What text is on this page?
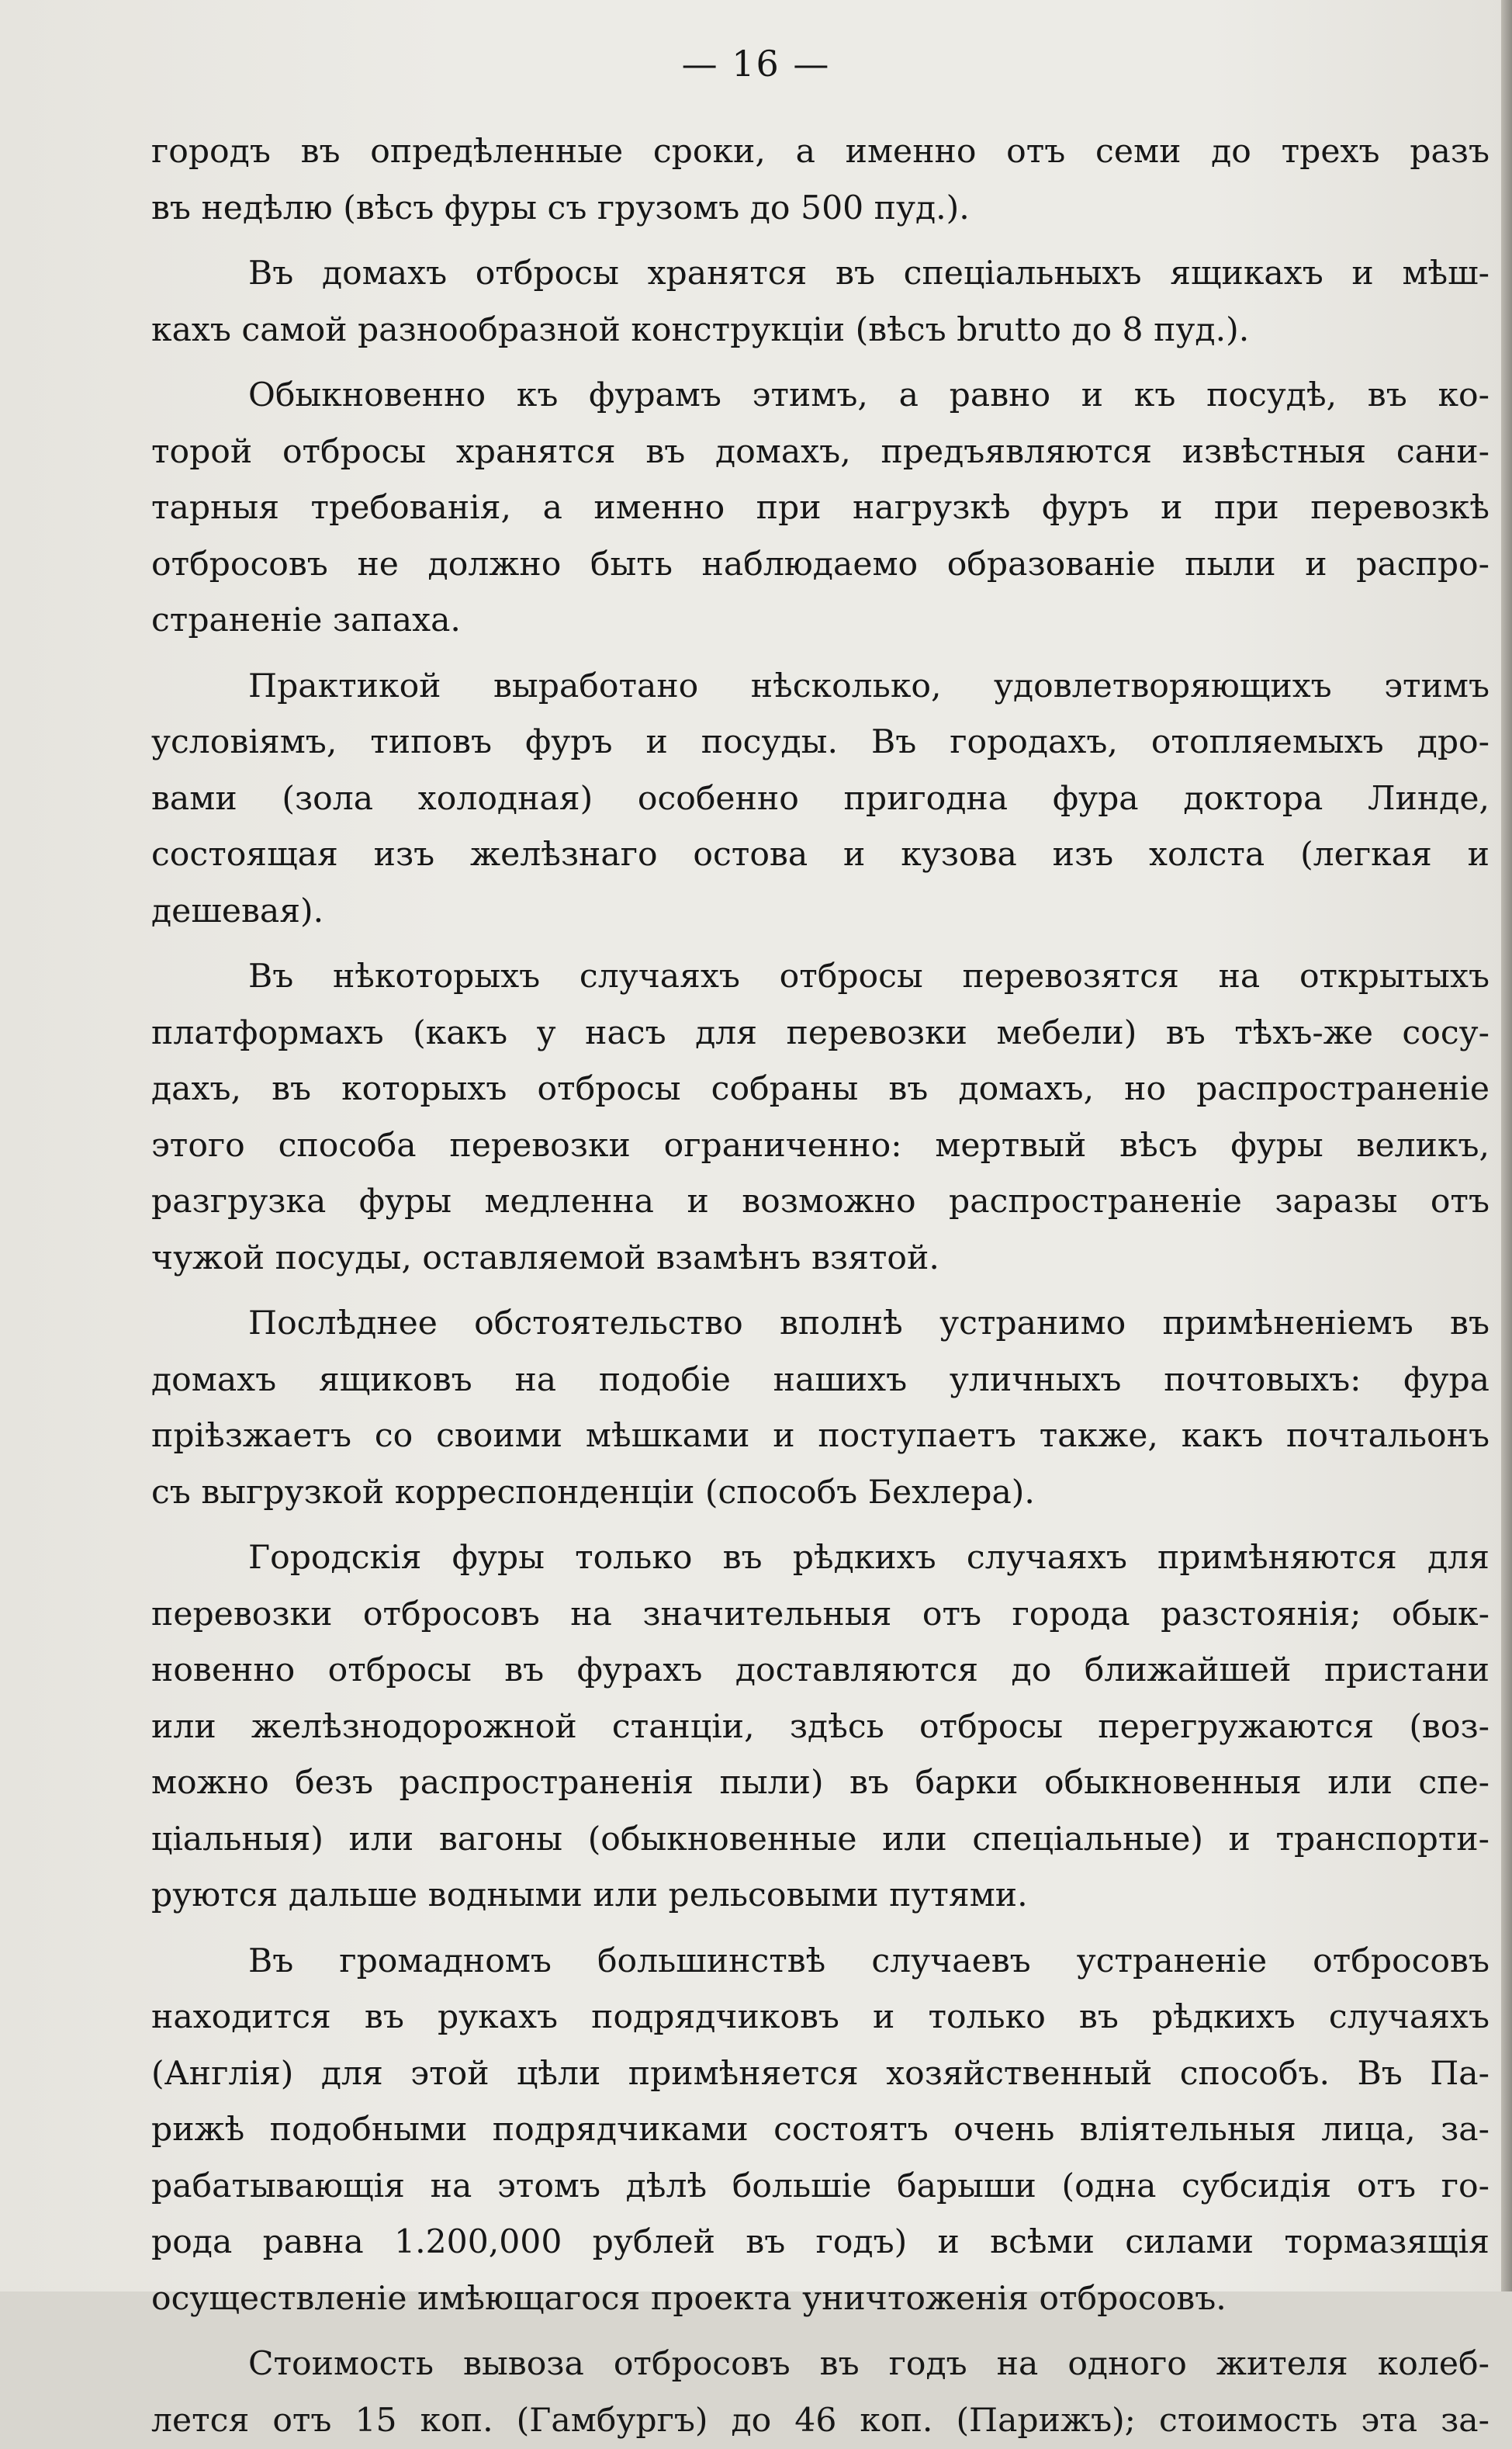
— 16 —
городъ въ опредѣленные сроки, а именно отъ семи до трехъ разъ
въ недѣлю (вѣсъ фуры съ грузомъ до 500 пуд.).
Въ домахъ отбросы хранятся въ спеціальныхъ ящикахъ и мѣш-
кахъ самой разнообразной конструкціи (вѣсъ brutto до 8 пуд.).
Обыкновенно къ фурамъ этимъ, а равно и къ посудѣ, въ ко-
торой отбросы хранятся въ домахъ, предъявляются извѣстныя сани-
тарныя требованія, а именно при нагрузкѣ фуръ и при перевозкѣ
отбросовъ не должно быть наблюдаемо образованіе пыли и распро-
страненіе запаха.
Практикой выработано нѣсколько, удовлетворяющихъ этимъ
условіямъ, типовъ фуръ и посуды. Въ городахъ, отопляемыхъ дро-
вами (зола холодная) особенно пригодна фура доктора Линде,
состоящая изъ желѣзнаго остова и кузова изъ холста (легкая и
дешевая).
Въ нѣкоторыхъ случаяхъ отбросы перевозятся на открытыхъ
платформахъ (какъ у насъ для перевозки мебели) въ тѣхъ-же сосу-
дахъ, въ которыхъ отбросы собраны въ домахъ, но распространеніе
этого способа перевозки ограниченно: мертвый вѣсъ фуры великъ,
разгрузка фуры медленна и возможно распространеніе заразы отъ
чужой посуды, оставляемой взамѣнъ взятой.
Послѣднее обстоятельство вполнѣ устранимо примѣненіемъ въ
домахъ ящиковъ на подобіе нашихъ уличныхъ почтовыхъ: фура
пріѣзжаетъ со своими мѣшками и поступаетъ также, какъ почтальонъ
съ выгрузкой корреспонденціи (способъ Бехлера).
Городскія фуры только въ рѣдкихъ случаяхъ примѣняются для
перевозки отбросовъ на значительныя отъ города разстоянія; обык-
новенно отбросы въ фурахъ доставляются до ближайшей пристани
или желѣзнодорожной станціи, здѣсь отбросы перегружаются (воз-
можно безъ распространенія пыли) въ барки обыкновенныя или спе-
ціальныя) или вагоны (обыкновенные или спеціальные) и транспорти-
руются дальше водными или рельсовыми путями.
Въ громадномъ большинствѣ случаевъ устраненіе отбросовъ
находится въ рукахъ подрядчиковъ и только въ рѣдкихъ случаяхъ
(Англія) для этой цѣли примѣняется хозяйственный способъ. Въ Па-
рижѣ подобными подрядчиками состоятъ очень вліятельныя лица, за-
рабатывающія на этомъ дѣлѣ большіе барыши (одна субсидія отъ го-
рода равна 1.200,000 рублей въ годъ) и всѣми силами тормазящія
осуществленіе имѣющагося проекта уничтоженія отбросовъ.
Стоимость вывоза отбросовъ въ годъ на одного жителя колеб-
лется отъ 15 коп. (Гамбургъ) до 46 коп. (Парижъ); стоимость эта за-
